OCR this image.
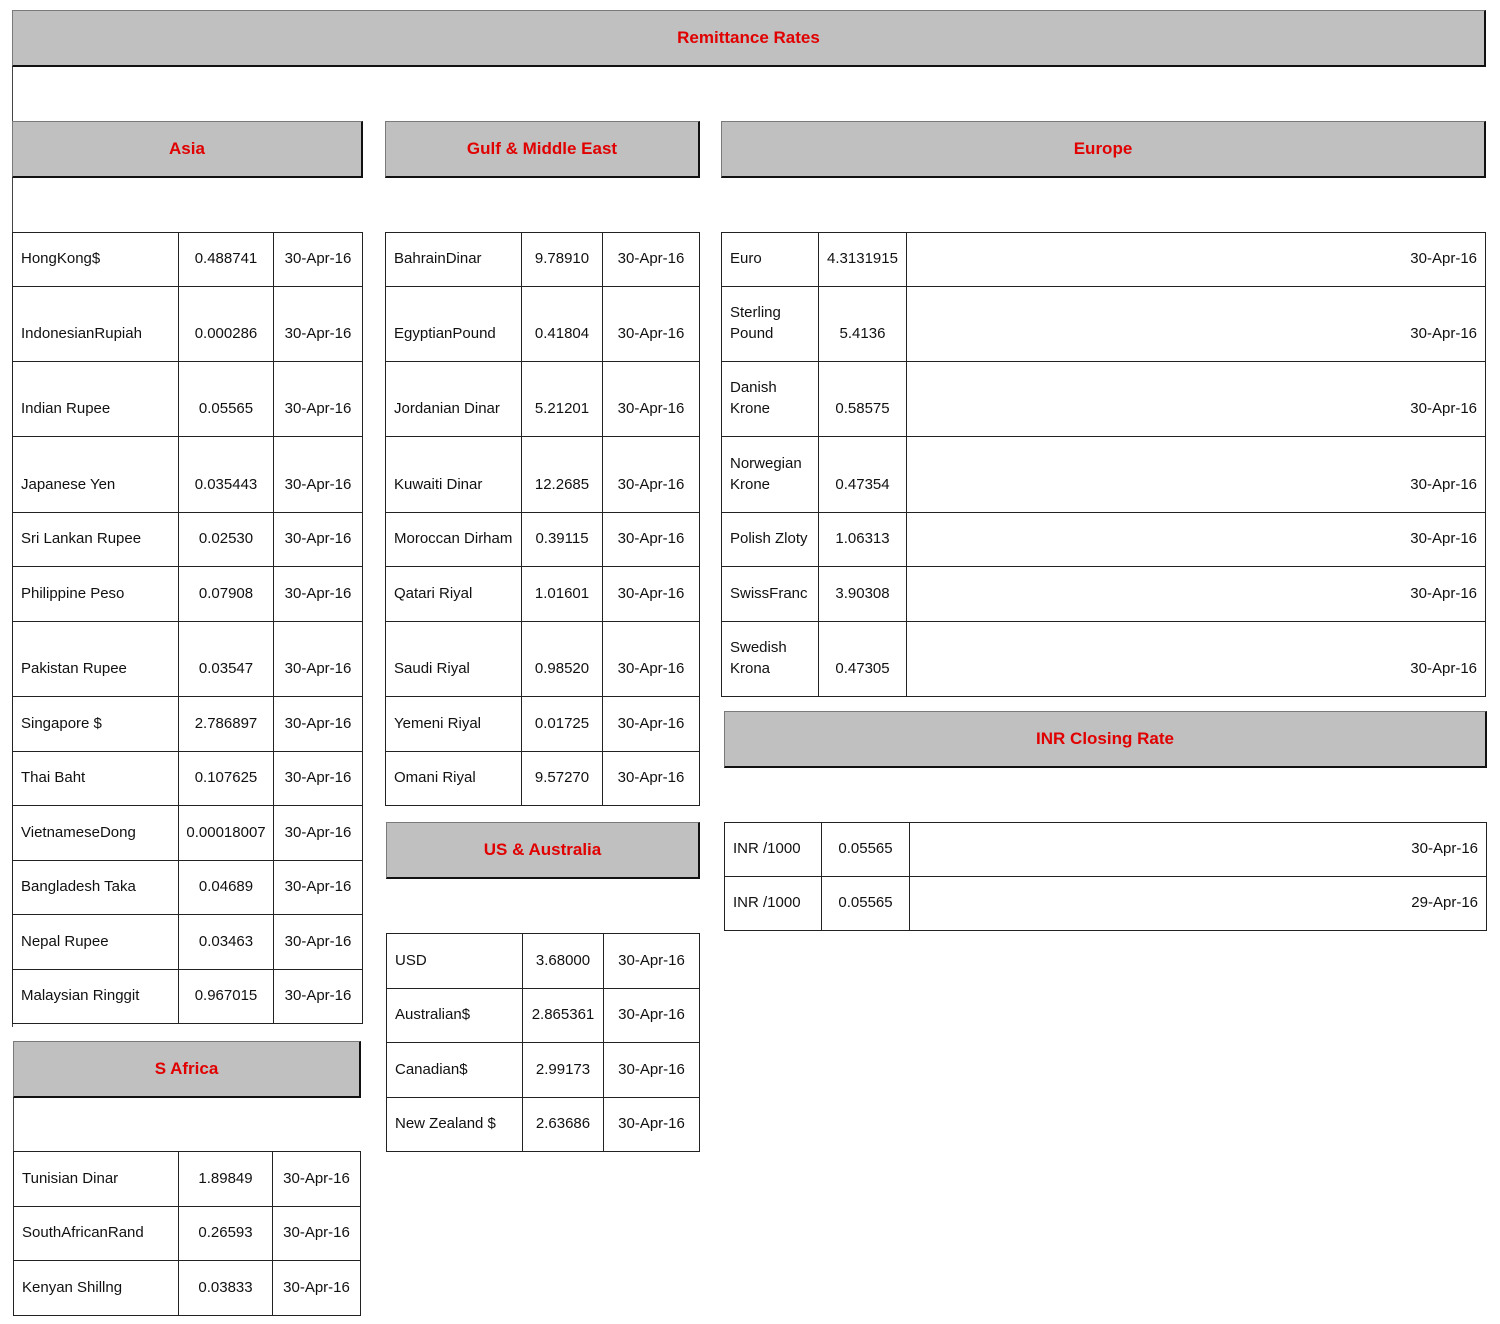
Remittance Rates
Asia	Gulf & Middle East	Europe
INR Closing Rate
US & Australia
S Africa
HongKong$	0.488741	30-Apr-16
IndonesianRupiah	0.000286	30-Apr-16
Indian Rupee	0.05565	30-Apr-16
Japanese Yen	0.035443	30-Apr-16
Sri Lankan Rupee	0.02530	30-Apr-16
Philippine Peso	0.07908	30-Apr-16
Pakistan Rupee	0.03547	30-Apr-16
Singapore $	2.786897	30-Apr-16
Thai Baht	0.107625	30-Apr-16
VietnameseDong	0.00018007	30-Apr-16
Bangladesh Taka	0.04689	30-Apr-16
Nepal Rupee	0.03463	30-Apr-16
Malaysian Ringgit	0.967015	30-Apr-16
BahrainDinar	9.78910	30-Apr-16
EgyptianPound	0.41804	30-Apr-16
Jordanian Dinar	5.21201	30-Apr-16
Kuwaiti Dinar	12.2685	30-Apr-16
Moroccan Dirham	0.39115	30-Apr-16
Qatari Riyal	1.01601	30-Apr-16
Saudi Riyal	0.98520	30-Apr-16
Yemeni Riyal	0.01725	30-Apr-16
Omani Riyal	9.57270	30-Apr-16
Euro	4.3131915	30-Apr-16
Sterling Pound	5.4136	30-Apr-16
Danish Krone	0.58575	30-Apr-16
Norwegian Krone	0.47354	30-Apr-16
Polish Zloty	1.06313	30-Apr-16
SwissFranc	3.90308	30-Apr-16
Swedish Krona	0.47305	30-Apr-16
INR /1000	0.05565	30-Apr-16
INR /1000	0.05565	29-Apr-16
USD	3.68000	30-Apr-16
Australian$	2.865361	30-Apr-16
Canadian$	2.99173	30-Apr-16
New Zealand $	2.63686	30-Apr-16
Tunisian Dinar	1.89849	30-Apr-16
SouthAfricanRand	0.26593	30-Apr-16
Kenyan Shillng	0.03833	30-Apr-16
